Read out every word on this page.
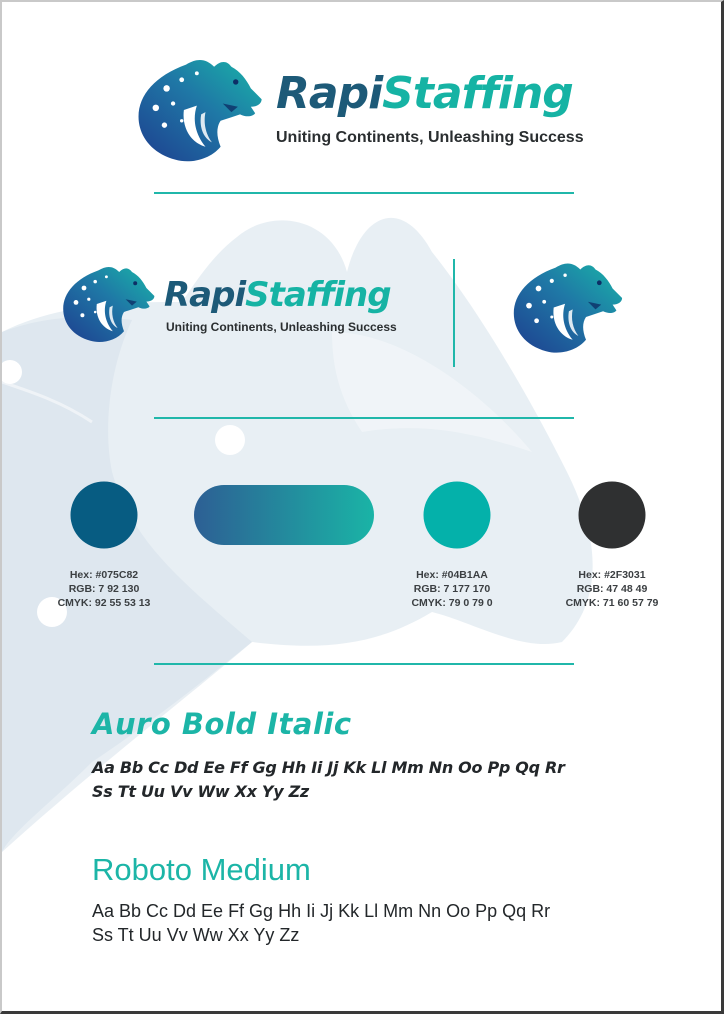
RapiStaffing
Uniting Continents, Unleashing Success
RapiStaffing
Uniting Continents, Unleashing Success
Hex: #075C82
RGB: 7 92 130
CMYK: 92 55 53 13
Hex: #04B1AA
RGB: 7 177 170
CMYK: 79 0 79 0
Hex: #2F3031
RGB: 47 48 49
CMYK: 71 60 57 79
Auro Bold Italic
Aa Bb Cc Dd Ee Ff Gg Hh Ii Jj Kk Ll Mm Nn Oo Pp Qq Rr
Ss Tt Uu Vv Ww Xx Yy Zz
Roboto Medium
Aa Bb Cc Dd Ee Ff Gg Hh Ii Jj Kk Ll Mm Nn Oo Pp Qq Rr
Ss Tt Uu Vv Ww Xx Yy Zz
